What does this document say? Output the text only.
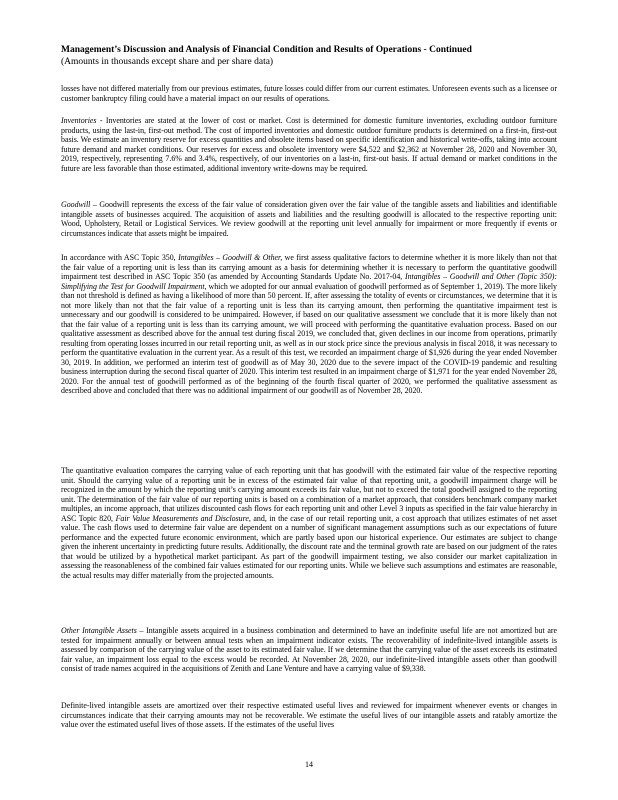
Management’s Discussion and Analysis of Financial Condition and Results of Operations - Continued
(Amounts in thousands except share and per share data)

losses have not differed materially from our previous estimates, future losses could differ from our current estimates. Unforeseen events such as a licensee or customer bankruptcy filing could have a material impact on our results of operations.

Inventories - Inventories are stated at the lower of cost or market. Cost is determined for domestic furniture inventories, excluding outdoor furniture products, using the last-in, first-out method. The cost of imported inventories and domestic outdoor furniture products is determined on a first-in, first-out basis. We estimate an inventory reserve for excess quantities and obsolete items based on specific identification and historical write-offs, taking into account future demand and market conditions. Our reserves for excess and obsolete inventory were $4,522 and $2,362 at November 28, 2020 and November 30, 2019, respectively, representing 7.6% and 3.4%, respectively, of our inventories on a last-in, first-out basis. If actual demand or market conditions in the future are less favorable than those estimated, additional inventory write-downs may be required.

Goodwill – Goodwill represents the excess of the fair value of consideration given over the fair value of the tangible assets and liabilities and identifiable intangible assets of businesses acquired. The acquisition of assets and liabilities and the resulting goodwill is allocated to the respective reporting unit: Wood, Upholstery, Retail or Logistical Services. We review goodwill at the reporting unit level annually for impairment or more frequently if events or circumstances indicate that assets might be impaired.

In accordance with ASC Topic 350, Intangibles – Goodwill & Other, we first assess qualitative factors to determine whether it is more likely than not that the fair value of a reporting unit is less than its carrying amount as a basis for determining whether it is necessary to perform the quantitative goodwill impairment test described in ASC Topic 350 (as amended by Accounting Standards Update No. 2017-04, Intangibles – Goodwill and Other (Topic 350): Simplifying the Test for Goodwill Impairment, which we adopted for our annual evaluation of goodwill performed as of September 1, 2019). The more likely than not threshold is defined as having a likelihood of more than 50 percent. If, after assessing the totality of events or circumstances, we determine that it is not more likely than not that the fair value of a reporting unit is less than its carrying amount, then performing the quantitative impairment test is unnecessary and our goodwill is considered to be unimpaired. However, if based on our qualitative assessment we conclude that it is more likely than not that the fair value of a reporting unit is less than its carrying amount, we will proceed with performing the quantitative evaluation process. Based on our qualitative assessment as described above for the annual test during fiscal 2019, we concluded that, given declines in our income from operations, primarily resulting from operating losses incurred in our retail reporting unit, as well as in our stock price since the previous analysis in fiscal 2018, it was necessary to perform the quantitative evaluation in the current year. As a result of this test, we recorded an impairment charge of $1,926 during the year ended November 30, 2019. In addition, we performed an interim test of goodwill as of May 30, 2020 due to the severe impact of the COVID-19 pandemic and resulting business interruption during the second fiscal quarter of 2020. This interim test resulted in an impairment charge of $1,971 for the year ended November 28, 2020. For the annual test of goodwill performed as of the beginning of the fourth fiscal quarter of 2020, we performed the qualitative assessment as described above and concluded that there was no additional impairment of our goodwill as of November 28, 2020.

The quantitative evaluation compares the carrying value of each reporting unit that has goodwill with the estimated fair value of the respective reporting unit. Should the carrying value of a reporting unit be in excess of the estimated fair value of that reporting unit, a goodwill impairment charge will be recognized in the amount by which the reporting unit’s carrying amount exceeds its fair value, but not to exceed the total goodwill assigned to the reporting unit. The determination of the fair value of our reporting units is based on a combination of a market approach, that considers benchmark company market multiples, an income approach, that utilizes discounted cash flows for each reporting unit and other Level 3 inputs as specified in the fair value hierarchy in ASC Topic 820, Fair Value Measurements and Disclosure, and, in the case of our retail reporting unit, a cost approach that utilizes estimates of net asset value. The cash flows used to determine fair value are dependent on a number of significant management assumptions such as our expectations of future performance and the expected future economic environment, which are partly based upon our historical experience. Our estimates are subject to change given the inherent uncertainty in predicting future results. Additionally, the discount rate and the terminal growth rate are based on our judgment of the rates that would be utilized by a hypothetical market participant. As part of the goodwill impairment testing, we also consider our market capitalization in assessing the reasonableness of the combined fair values estimated for our reporting units. While we believe such assumptions and estimates are reasonable, the actual results may differ materially from the projected amounts.

Other Intangible Assets – Intangible assets acquired in a business combination and determined to have an indefinite useful life are not amortized but are tested for impairment annually or between annual tests when an impairment indicator exists. The recoverability of indefinite-lived intangible assets is assessed by comparison of the carrying value of the asset to its estimated fair value. If we determine that the carrying value of the asset exceeds its estimated fair value, an impairment loss equal to the excess would be recorded. At November 28, 2020, our indefinite-lived intangible assets other than goodwill consist of trade names acquired in the acquisitions of Zenith and Lane Venture and have a carrying value of $9,338.

Definite-lived intangible assets are amortized over their respective estimated useful lives and reviewed for impairment whenever events or changes in circumstances indicate that their carrying amounts may not be recoverable. We estimate the useful lives of our intangible assets and ratably amortize the value over the estimated useful lives of those assets. If the estimates of the useful lives

14
